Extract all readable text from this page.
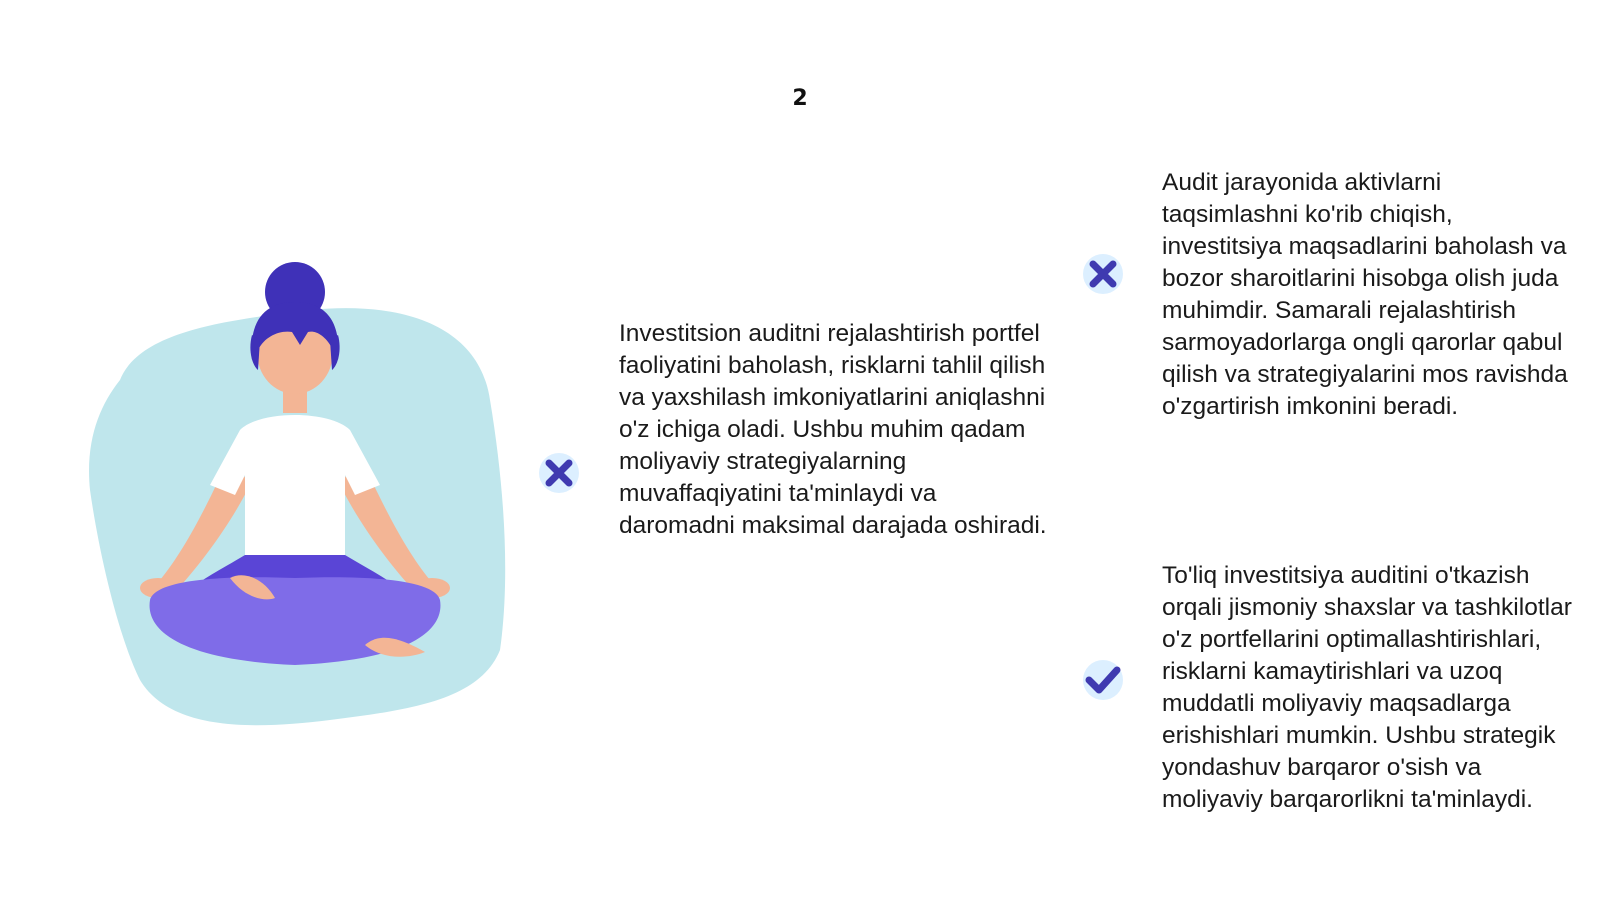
2

Investitsion auditni rejalashtirish portfel faoliyatini baholash, risklarni tahlil qilish va yaxshilash imkoniyatlarini aniqlashni o'z ichiga oladi. Ushbu muhim qadam moliyaviy strategiyalarning muvaffaqiyatini ta'minlaydi va daromadni maksimal darajada oshiradi.

Audit jarayonida aktivlarni taqsimlashni ko'rib chiqish, investitsiya maqsadlarini baholash va bozor sharoitlarini hisobga olish juda muhimdir. Samarali rejalashtirish sarmoyadorlarga ongli qarorlar qabul qilish va strategiyalarini mos ravishda o'zgartirish imkonini beradi.

To'liq investitsiya auditini o'tkazish orqali jismoniy shaxslar va tashkilotlar o'z portfellarini optimallashtirishlari, risklarni kamaytirishlari va uzoq muddatli moliyaviy maqsadlarga erishishlari mumkin. Ushbu strategik yondashuv barqaror o'sish va moliyaviy barqarorlikni ta'minlaydi.
